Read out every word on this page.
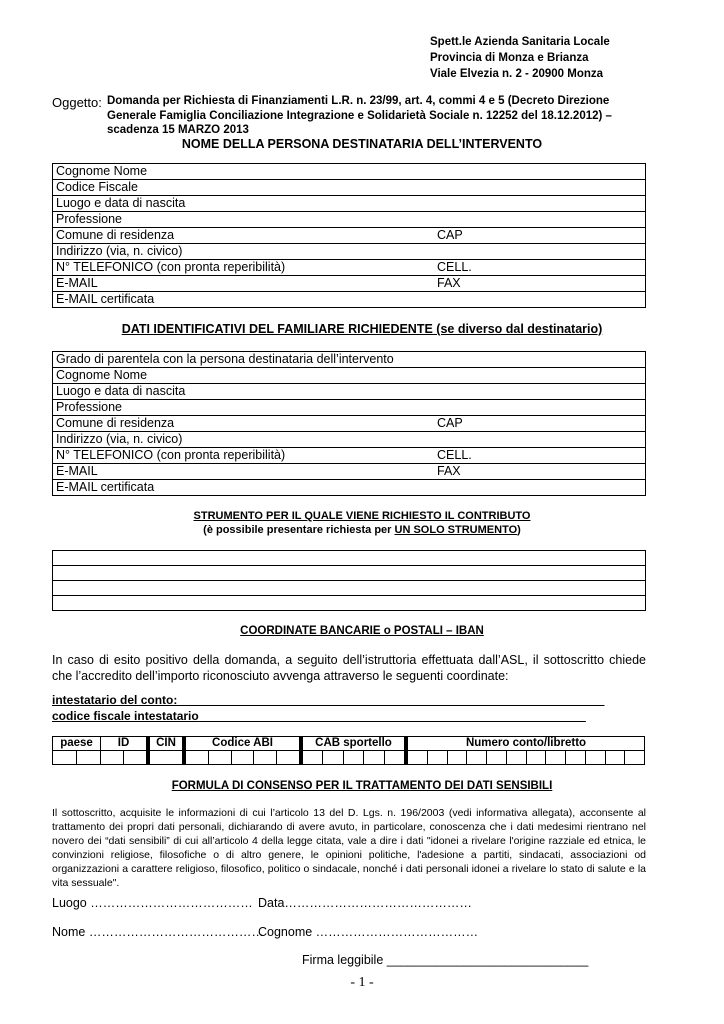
Spett.le Azienda Sanitaria Locale
Provincia di Monza e Brianza
Viale Elvezia n. 2 - 20900 Monza
Oggetto: Domanda per Richiesta di Finanziamenti L.R. n. 23/99, art. 4, commi 4 e 5 (Decreto Direzione
Generale Famiglia Conciliazione Integrazione e Solidarietà Sociale n. 12252 del 18.12.2012) –
scadenza 15 MARZO 2013
NOME DELLA PERSONA DESTINATARIA DELL’INTERVENTO
Cognome Nome	
Codice Fiscale	
Luogo e data di nascita	
Professione	
Comune di residenza	CAP
Indirizzo (via, n. civico)	
N° TELEFONICO (con pronta reperibilità)	CELL.
E-MAIL	FAX
E-MAIL certificata	
DATI IDENTIFICATIVI DEL FAMILIARE RICHIEDENTE (se diverso dal destinatario)
Grado di parentela con la persona destinataria dell’intervento	
Cognome Nome	
Luogo e data di nascita	
Professione	
Comune di residenza	CAP
Indirizzo (via, n. civico)	
N° TELEFONICO (con pronta reperibilità)	CELL.
E-MAIL	FAX
E-MAIL certificata	
STRUMENTO PER IL QUALE VIENE RICHIESTO IL CONTRIBUTO
(è possibile presentare richiesta per UN SOLO STRUMENTO)

COORDINATE BANCARIE o POSTALI – IBAN
In caso di esito positivo della domanda, a seguito dell’istruttoria effettuata dall’ASL, il sottoscritto chiede che l’accredito dell’importo riconosciuto avvenga attraverso le seguenti coordinate:
intestatario del conto:________________________________________________________________
codice fiscale intestatario__________________________________________________________
paese	ID	CIN	Codice ABI	CAB sportello	Numero conto/libretto

FORMULA DI CONSENSO PER IL TRATTAMENTO DEI DATI SENSIBILI
Il sottoscritto, acquisite le informazioni di cui l’articolo 13 del D. Lgs. n. 196/2003 (vedi informativa allegata), acconsente al trattamento dei propri dati personali, dichiarando di avere avuto, in particolare, conoscenza che i dati medesimi rientrano nel novero dei “dati sensibili” di cui all’articolo 4 della legge citata, vale a dire i dati "idonei a rivelare l'origine razziale ed etnica, le convinzioni religiose, filosofiche o di altro genere, le opinioni politiche, l'adesione a partiti, sindacati, associazioni od organizzazioni a carattere religioso, filosofico, politico o sindacale, nonché i dati personali idonei a rivelare lo stato di salute e la vita sessuale".
Luogo ………………………………… Data………………………………………
Nome ……………………………………
Cognome …………………………………
Firma leggibile _____________________________
- 1 -
